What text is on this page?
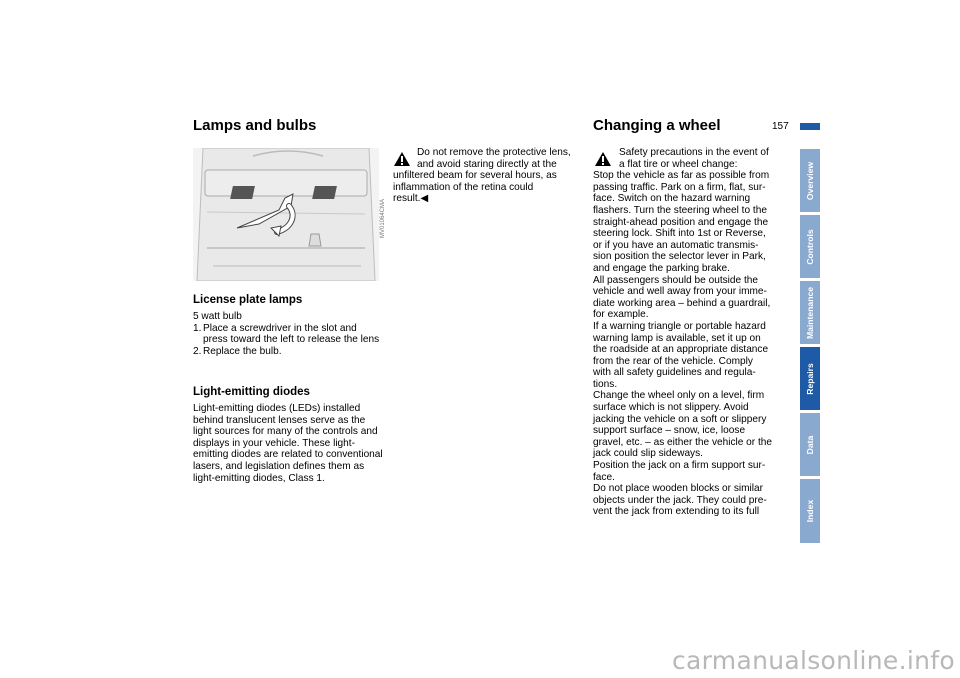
Lamps and bulbs	Changing a wheel	157
MV01064CMA
License plate lamps
5 watt bulb
1. Place a screwdriver in the slot and press toward the left to release the lens
2. Replace the bulb.
Light-emitting diodes
Light-emitting diodes (LEDs) installed behind translucent lenses serve as the light sources for many of the controls and displays in your vehicle. These light-emitting diodes are related to conventional lasers, and legislation defines them as light-emitting diodes, Class 1.
Do not remove the protective lens,
and avoid staring directly at the
unfiltered beam for several hours, as
inflammation of the retina could
result.◀
Safety precautions in the event of
a flat tire or wheel change:
Stop the vehicle as far as possible from
passing traffic. Park on a firm, flat, sur-
face. Switch on the hazard warning
flashers. Turn the steering wheel to the
straight-ahead position and engage the
steering lock. Shift into 1st or Reverse,
or if you have an automatic transmis-
sion position the selector lever in Park,
and engage the parking brake.
All passengers should be outside the
vehicle and well away from your imme-
diate working area – behind a guardrail,
for example.
If a warning triangle or portable hazard
warning lamp is available, set it up on
the roadside at an appropriate distance
from the rear of the vehicle. Comply
with all safety guidelines and regula-
tions.
Change the wheel only on a level, firm
surface which is not slippery. Avoid
jacking the vehicle on a soft or slippery
support surface – snow, ice, loose
gravel, etc. – as either the vehicle or the
jack could slip sideways.
Position the jack on a firm support sur-
face.
Do not place wooden blocks or similar
objects under the jack. They could pre-
vent the jack from extending to its full
Overview
Controls
Maintenance
Repairs
Data
Index
carmanualsonline.info
